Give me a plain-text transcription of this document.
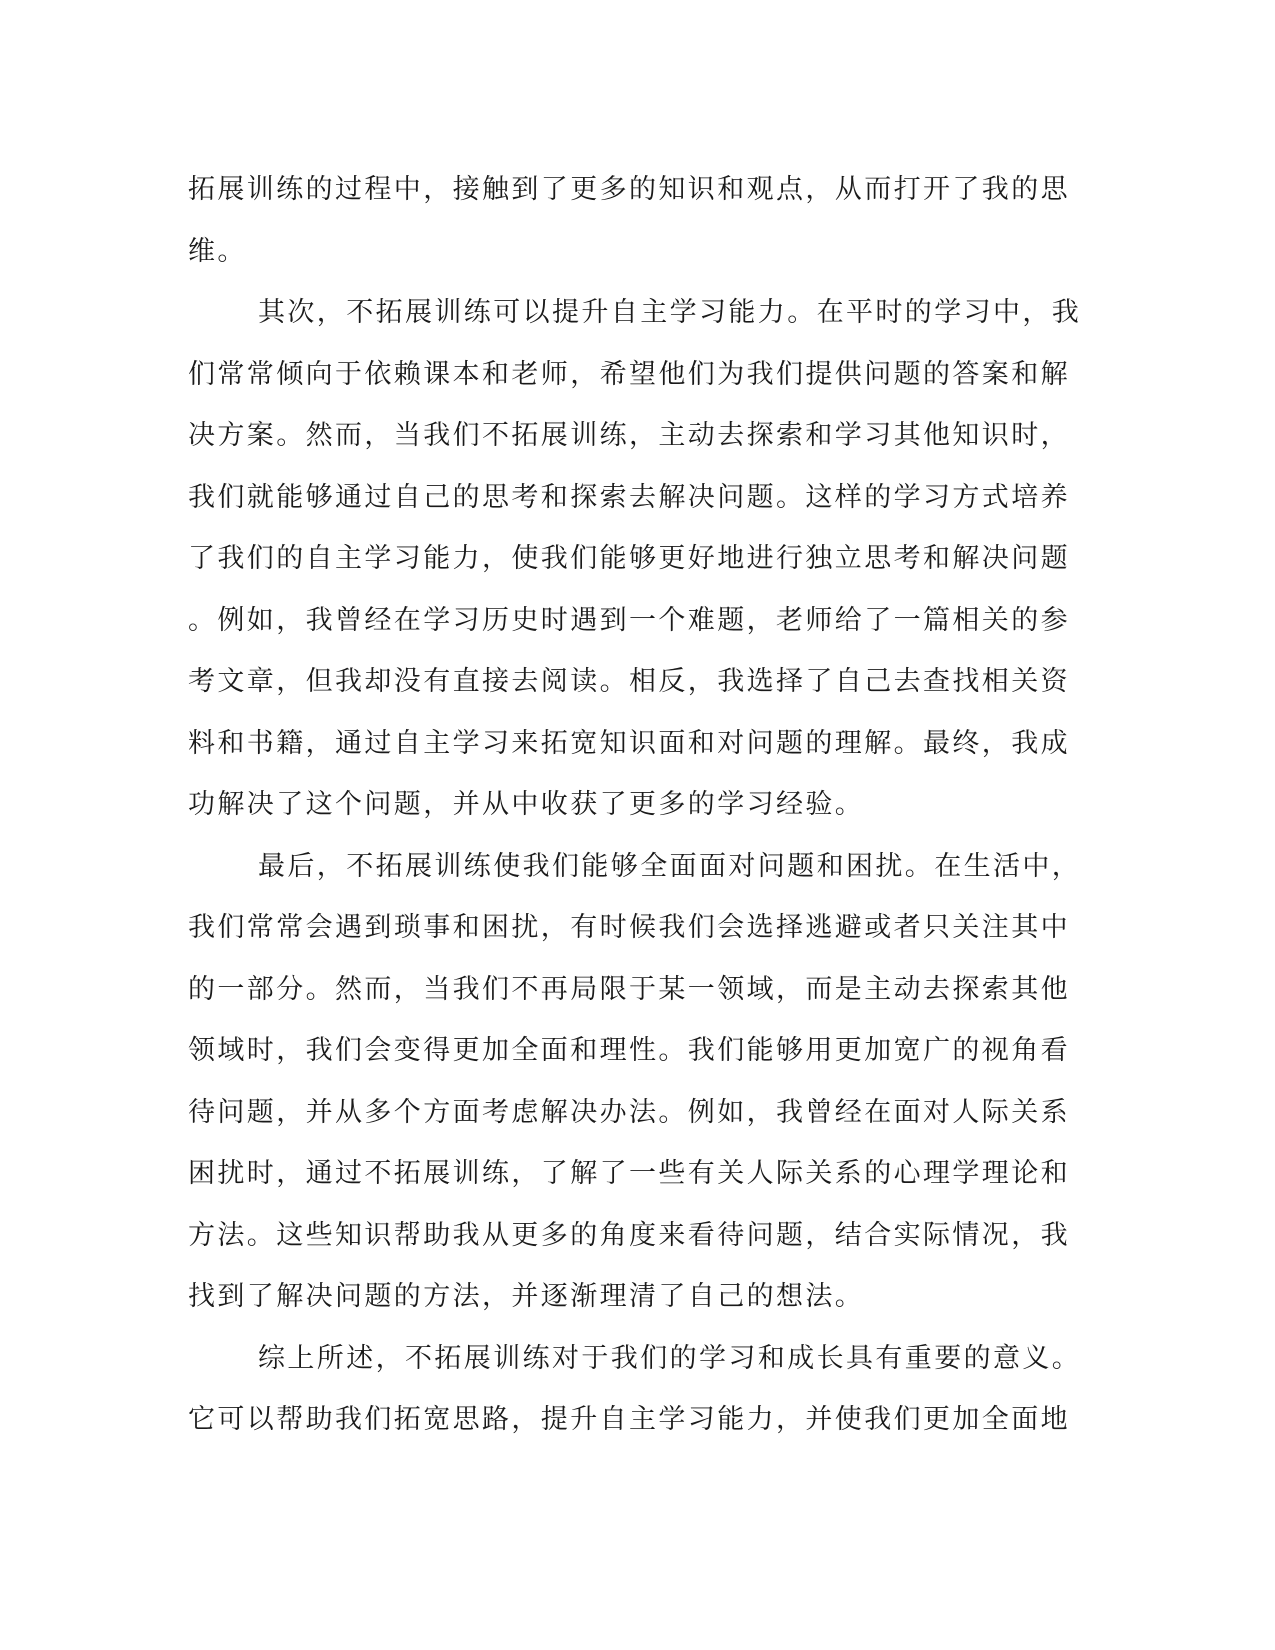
拓展训练的过程中，接触到了更多的知识和观点，从而打开了我的思
维。
其次，不拓展训练可以提升自主学习能力。在平时的学习中，我
们常常倾向于依赖课本和老师，希望他们为我们提供问题的答案和解
决方案。然而，当我们不拓展训练，主动去探索和学习其他知识时，
我们就能够通过自己的思考和探索去解决问题。这样的学习方式培养
了我们的自主学习能力，使我们能够更好地进行独立思考和解决问题
。例如，我曾经在学习历史时遇到一个难题，老师给了一篇相关的参
考文章，但我却没有直接去阅读。相反，我选择了自己去查找相关资
料和书籍，通过自主学习来拓宽知识面和对问题的理解。最终，我成
功解决了这个问题，并从中收获了更多的学习经验。
最后，不拓展训练使我们能够全面面对问题和困扰。在生活中，
我们常常会遇到琐事和困扰，有时候我们会选择逃避或者只关注其中
的一部分。然而，当我们不再局限于某一领域，而是主动去探索其他
领域时，我们会变得更加全面和理性。我们能够用更加宽广的视角看
待问题，并从多个方面考虑解决办法。例如，我曾经在面对人际关系
困扰时，通过不拓展训练，了解了一些有关人际关系的心理学理论和
方法。这些知识帮助我从更多的角度来看待问题，结合实际情况，我
找到了解决问题的方法，并逐渐理清了自己的想法。
综上所述，不拓展训练对于我们的学习和成长具有重要的意义。
它可以帮助我们拓宽思路，提升自主学习能力，并使我们更加全面地
